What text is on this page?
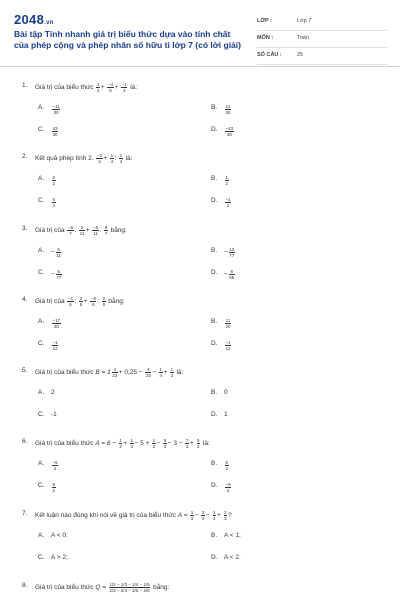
2048.vn
Bài tập Tính nhanh giá trị biểu thức dựa vào tính chất của phép cộng và phép nhân số hữu tỉ lớp 7 (có lời giải)
LỚP :	Lớp 7
MÔN :	Toán
SỐ CÂU :	25
1. Giá trị của biểu thức $\frac{1}{2} + \frac{-4}{5} + \frac{-1}{3}$ là:
A. $\frac{-11}{30}$	B. $\frac{11}{30}$
C. $\frac{43}{30}$	D. $\frac{-43}{30}$
2. Kết quả phép tính 2. $\frac{-3}{4} + \frac{1}{4}$ : $\frac{1}{4}$ là:
A. $\frac{5}{2}$	B. $\frac{1}{2}$
C. $\frac{5}{4}$	D. $\frac{-1}{2}$
3. Giá trị của $\frac{-5}{7}$ . $\frac{2}{11} + \frac{-5}{11}$ . $\frac{9}{7}$ bằng:
A. − $\frac{5}{11}$	B. − $\frac{13}{77}$
C. − $\frac{5}{77}$	D. − $\frac{6}{55}$
4. Giá trị của $\frac{-1}{6}$ : $\frac{2}{5} + \frac{-5}{6}$ : $\frac{2}{5}$ bằng:
A. $\frac{-17}{20}$	B. $\frac{11}{20}$
C. $\frac{-1}{12}$	D. $\frac{-1}{12}$
5. Giá trị của biểu thức $B = 1 \frac{4}{23} + 0,25 - \frac{4}{23} - \frac{1}{4} + \frac{1}{2}$ là:
A. 2	B. 0
C. -1	D. 1
6. Giá trị của biểu thức $A = 6 - \frac{1}{2} + \frac{1}{3} - 5 + \frac{1}{2} - \frac{5}{3} - 3 - \frac{7}{3} + \frac{5}{2}$ là:
A. $\frac{-5}{2}$	B. $\frac{5}{2}$
C. $\frac{9}{2}$	D. $\frac{-9}{2}$
7. Kết luận nào đúng khi nói về giá trị của biểu thức $A = \frac{1}{3} - \frac{3}{4} - \frac{1}{4} + \frac{2}{3}$ ?
A. A < 0;	B. A < 1;
C. A > 2;	D. A < 2.
8. Giá trị của biểu thức $Q = \frac{1/2 - 1/3 - 1/4 - 1/5}{2/3 - 2/4 - 2/5 - 2/6}$ bằng:
